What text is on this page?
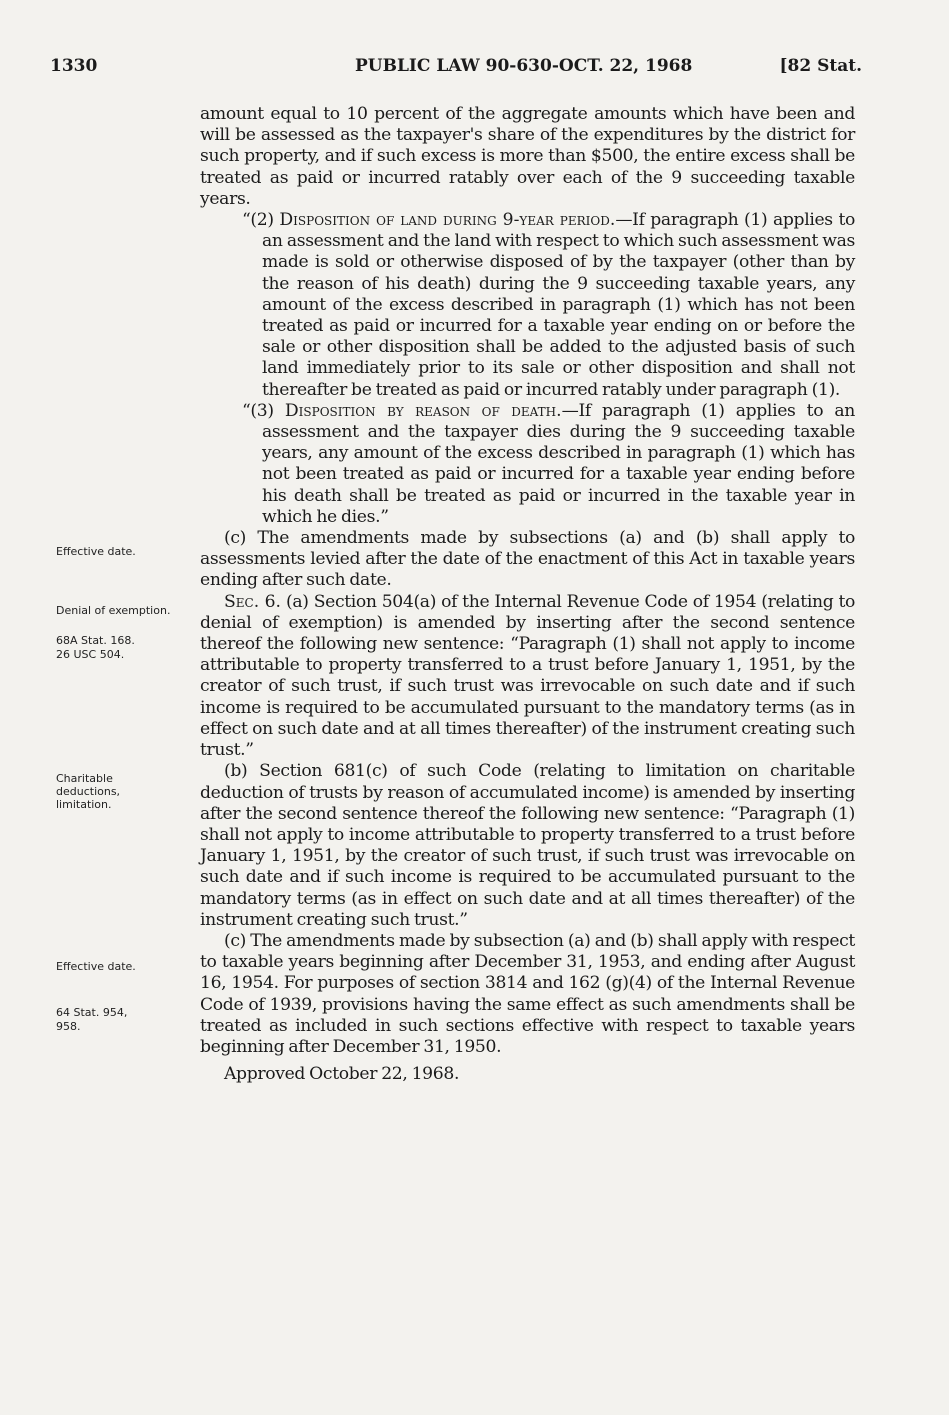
1330	PUBLIC LAW 90-630-OCT. 22, 1968	[82 Stat.
Effective date.
Denial of exemption.
68A Stat. 168.
26 USC 504.
Charitable deductions, limitation.
Effective date.
64 Stat. 954,
958.

amount equal to 10 percent of the aggregate amounts which have been and will be assessed as the taxpayer's share of the expenditures by the district for such property, and if such excess is more than $500, the entire excess shall be treated as paid or incurred ratably over each of the 9 succeeding taxable years.

“(2) Disposition of land during 9-year period.—If paragraph (1) applies to an assessment and the land with respect to which such assessment was made is sold or otherwise disposed of by the taxpayer (other than by the reason of his death) during the 9 succeeding taxable years, any amount of the excess described in paragraph (1) which has not been treated as paid or incurred for a taxable year ending on or before the sale or other disposition shall be added to the adjusted basis of such land immediately prior to its sale or other disposition and shall not thereafter be treated as paid or incurred ratably under paragraph (1).

“(3) Disposition by reason of death.—If paragraph (1) applies to an assessment and the taxpayer dies during the 9 succeeding taxable years, any amount of the excess described in paragraph (1) which has not been treated as paid or incurred for a taxable year ending before his death shall be treated as paid or incurred in the taxable year in which he dies.”

(c) The amendments made by subsections (a) and (b) shall apply to assessments levied after the date of the enactment of this Act in taxable years ending after such date.

Sec. 6. (a) Section 504(a) of the Internal Revenue Code of 1954 (relating to denial of exemption) is amended by inserting after the second sentence thereof the following new sentence: “Paragraph (1) shall not apply to income attributable to property transferred to a trust before January 1, 1951, by the creator of such trust, if such trust was irrevocable on such date and if such income is required to be accumulated pursuant to the mandatory terms (as in effect on such date and at all times thereafter) of the instrument creating such trust.”

(b) Section 681(c) of such Code (relating to limitation on charitable deduction of trusts by reason of accumulated income) is amended by inserting after the second sentence thereof the following new sentence: “Paragraph (1) shall not apply to income attributable to property transferred to a trust before January 1, 1951, by the creator of such trust, if such trust was irrevocable on such date and if such income is required to be accumulated pursuant to the mandatory terms (as in effect on such date and at all times thereafter) of the instrument creating such trust.”

(c) The amendments made by subsection (a) and (b) shall apply with respect to taxable years beginning after December 31, 1953, and ending after August 16, 1954. For purposes of section 3814 and 162 (g)(4) of the Internal Revenue Code of 1939, provisions having the same effect as such amendments shall be treated as included in such sections effective with respect to taxable years beginning after December 31, 1950.

Approved October 22, 1968.
